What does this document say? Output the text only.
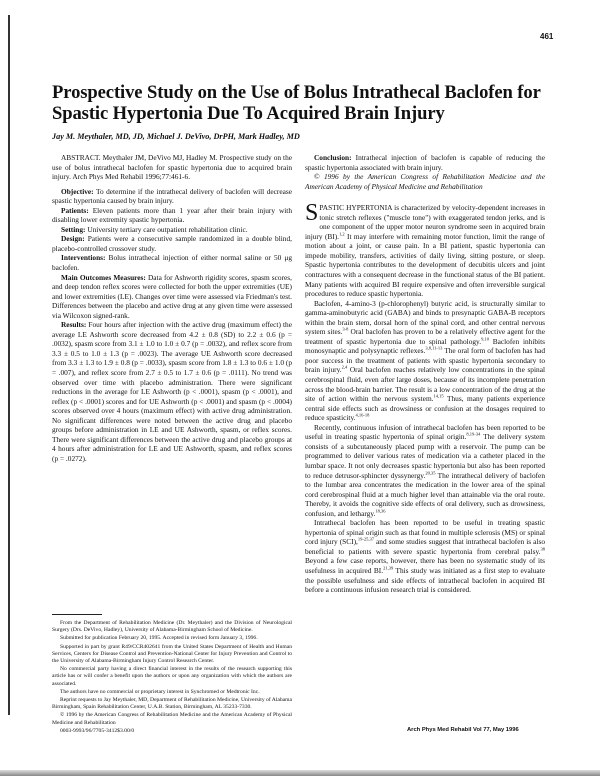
461
Prospective Study on the Use of Bolus Intrathecal Baclofen for Spastic Hypertonia Due To Acquired Brain Injury
Jay M. Meythaler, MD, JD, Michael J. DeVivo, DrPH, Mark Hadley, MD

ABSTRACT. Meythaler JM, DeVivo MJ, Hadley M. Prospective study on the use of bolus intrathecal baclofen for spastic hypertonia due to acquired brain injury. Arch Phys Med Rehabil 1996;77:461-6.

Objective: To determine if the intrathecal delivery of baclofen will decrease spastic hypertonia caused by brain injury.

Patients: Eleven patients more than 1 year after their brain injury with disabling lower extremity spastic hypertonia.

Setting: University tertiary care outpatient rehabilitation clinic.

Design: Patients were a consecutive sample randomized in a double blind, placebo-controlled crossover study.

Interventions: Bolus intrathecal injection of either normal saline or 50 μg baclofen.

Main Outcomes Measures: Data for Ashworth rigidity scores, spasm scores, and deep tendon reflex scores were collected for both the upper extremities (UE) and lower extremities (LE). Changes over time were assessed via Friedman's test. Differences between the placebo and active drug at any given time were assessed via Wilcoxon signed-rank.

Results: Four hours after injection with the active drug (maximum effect) the average LE Ashworth score decreased from 4.2 ± 0.8 (SD) to 2.2 ± 0.6 (p = .0032), spasm score from 3.1 ± 1.0 to 1.0 ± 0.7 (p = .0032), and reflex score from 3.3 ± 0.5 to 1.0 ± 1.3 (p = .0023). The average UE Ashworth score decreased from 3.3 ± 1.3 to 1.9 ± 0.8 (p = .0033), spasm score from 1.8 ± 1.3 to 0.6 ± 1.0 (p = .007), and reflex score from 2.7 ± 0.5 to 1.7 ± 0.6 (p = .0111). No trend was observed over time with placebo administration. There were significant reductions in the average for LE Ashworth (p < .0001), spasm (p < .0001), and reflex (p < .0001) scores and for UE Ashworth (p < .0001) and spasm (p < .0004) scores observed over 4 hours (maximum effect) with active drug administration. No significant differences were noted between the active drug and placebo groups before administration in LE and UE Ashworth, spasm, or reflex scores. There were significant differences between the active drug and placebo groups at 4 hours after administration for LE and UE Ashworth, spasm, and reflex scores (p = .0272).

From the Department of Rehabilitation Medicine (Dr. Meythaler) and the Division of Neurological Surgery (Drs. DeVivo, Hadley), University of Alabama-Birmingham School of Medicine.

Submitted for publication February 20, 1995. Accepted in revised form January 3, 1996.

Supported in part by grant R49/CCR402641 from the United States Department of Health and Human Services, Centers for Disease Control and Prevention-National Center for Injury Prevention and Control to the University of Alabama-Birmingham Injury Control Research Center.

No commercial party having a direct financial interest in the results of the research supporting this article has or will confer a benefit upon the authors or upon any organization with which the authors are associated.

The authors have no commercial or proprietary interest in Synchromed or Medtronic Inc.

Reprint requests to Jay Meythaler, MD, Department of Rehabilitation Medicine, University of Alabama Birmingham, Spain Rehabilitation Center, U.A.B. Station, Birmingham, AL 35233-7330.

© 1996 by the American Congress of Rehabilitation Medicine and the American Academy of Physical Medicine and Rehabilitation

0003-9993/96/7705-3412$3.00/0

Conclusion: Intrathecal injection of baclofen is capable of reducing the spastic hypertonia associated with brain injury.

© 1996 by the American Congress of Rehabilitation Medicine and the American Academy of Physical Medicine and Rehabilitation

SPASTIC HYPERTONIA is characterized by velocity-dependent increases in tonic stretch reflexes ("muscle tone") with exaggerated tendon jerks, and is one component of the upper motor neuron syndrome seen in acquired brain injury (BI).$^{1,2}$ It may interfere with remaining motor function, limit the range of motion about a joint, or cause pain. In a BI patient, spastic hypertonia can impede mobility, transfers, activities of daily living, sitting posture, or sleep. Spastic hypertonia contributes to the development of decubitis ulcers and joint contractures with a consequent decrease in the functional status of the BI patient. Many patients with acquired BI require expensive and often irreversible surgical procedures to reduce spastic hypertonia.

Baclofen, 4-amino-3 (p-chlorophenyl) butyric acid, is structurally similar to gamma-aminobutyric acid (GABA) and binds to presynaptic GABA-B receptors within the brain stem, dorsal horn of the spinal cord, and other central nervous system sites.$^{3-8}$ Oral baclofen has proven to be a relatively effective agent for the treatment of spastic hypertonia due to spinal pathology.$^{9,10}$ Baclofen inhibits monosynaptic and polysynaptic reflexes.$^{3,8,11-13}$ The oral form of baclofen has had poor success in the treatment of patients with spastic hypertonia secondary to brain injury.$^{2,4}$ Oral baclofen reaches relatively low concentrations in the spinal cerebrospinal fluid, even after large doses, because of its incomplete penetration across the blood-brain barrier. The result is a low concentration of the drug at the site of action within the nervous system.$^{14,15}$ Thus, many patients experience central side effects such as drowsiness or confusion at the dosages required to reduce spasticity.$^{4,16-18}$

Recently, continuous infusion of intrathecal baclofen has been reported to be useful in treating spastic hypertonia of spinal origin.$^{8,19-34}$ The delivery system consists of a subcutaneously placed pump with a reservoir. The pump can be programmed to deliver various rates of medication via a catheter placed in the lumbar space. It not only decreases spastic hypertonia but also has been reported to reduce detrusor-sphincter dyssynergy.$^{20,35}$ The intrathecal delivery of baclofen to the lumbar area concentrates the medication in the lower area of the spinal cord cerebrospinal fluid at a much higher level than attainable via the oral route. Thereby, it avoids the cognitive side effects of oral delivery, such as drowsiness, confusion, and lethargy.$^{18,36}$

Intrathecal baclofen has been reported to be useful in treating spastic hypertonia of spinal origin such as that found in multiple sclerosis (MS) or spinal cord injury (SCI),$^{19-25,37}$ and some studies suggest that intrathecal baclofen is also beneficial to patients with severe spastic hypertonia from cerebral palsy.$^{38}$ Beyond a few case reports, however, there has been no systematic study of its usefulness in acquired BI.$^{21,39}$ This study was initiated as a first step to evaluate the possible usefulness and side effects of intrathecal baclofen in acquired BI before a continuous infusion research trial is considered.

Arch Phys Med Rehabil Vol 77, May 1996
